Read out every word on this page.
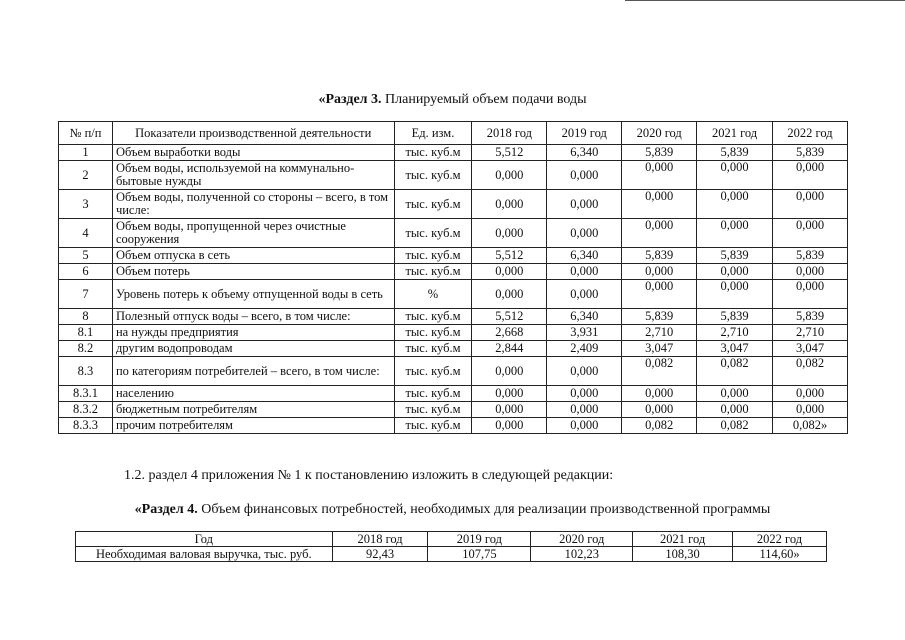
«Раздел 3. Планируемый объем подачи воды
№ п/п	Показатели производственной деятельности	Ед. изм.	2018 год	2019 год	2020 год	2021 год	2022 год
1	Объем выработки воды	тыс. куб.м	5,512	6,340	5,839	5,839	5,839
2	Объем воды, используемой на коммунально-бытовые нужды	тыс. куб.м	0,000	0,000	0,000	0,000	0,000
3	Объем воды, полученной со стороны – всего, в том числе:	тыс. куб.м	0,000	0,000	0,000	0,000	0,000
4	Объем воды, пропущенной через очистные сооружения	тыс. куб.м	0,000	0,000	0,000	0,000	0,000
5	Объем отпуска в сеть	тыс. куб.м	5,512	6,340	5,839	5,839	5,839
6	Объем потерь	тыс. куб.м	0,000	0,000	0,000	0,000	0,000
7	Уровень потерь к объему отпущенной воды в сеть	%	0,000	0,000	0,000	0,000	0,000
8	Полезный отпуск воды – всего, в том числе:	тыс. куб.м	5,512	6,340	5,839	5,839	5,839
8.1	на нужды предприятия	тыс. куб.м	2,668	3,931	2,710	2,710	2,710
8.2	другим водопроводам	тыс. куб.м	2,844	2,409	3,047	3,047	3,047
8.3	по категориям потребителей – всего, в том числе:	тыс. куб.м	0,000	0,000	0,082	0,082	0,082
8.3.1	населению	тыс. куб.м	0,000	0,000	0,000	0,000	0,000
8.3.2	бюджетным потребителям	тыс. куб.м	0,000	0,000	0,000	0,000	0,000
8.3.3	прочим потребителям	тыс. куб.м	0,000	0,000	0,082	0,082	0,082»
1.2. раздел 4 приложения № 1 к постановлению изложить в следующей редакции:
«Раздел 4. Объем финансовых потребностей, необходимых для реализации производственной программы
Год	2018 год	2019 год	2020 год	2021 год	2022 год
Необходимая валовая выручка, тыс. руб.	92,43	107,75	102,23	108,30	114,60»
